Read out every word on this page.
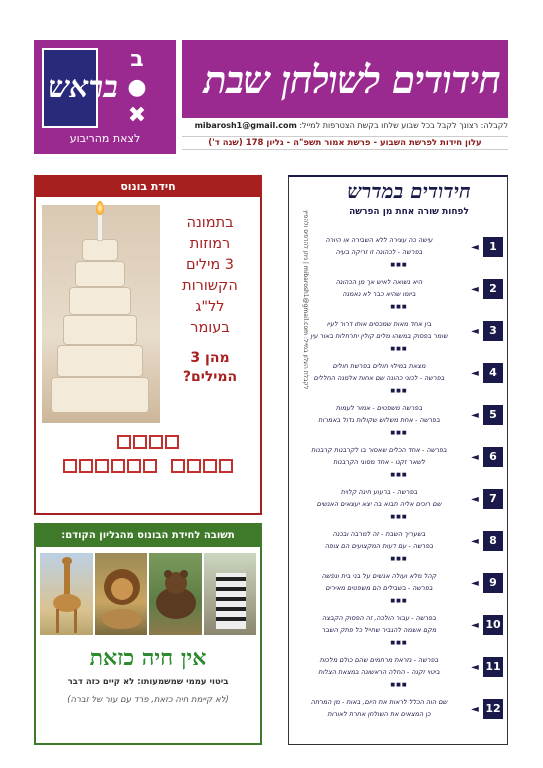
חידודים לשולחן שבת
לקבלה: רצונך לקבל בכל שבוע שלחו בקשת הצטרפות למייל: mibarosh1@gmail.com
עלון חידות לפרשת השבוע - פרשת אמור תשפ"ה - גליון 178 (שנה ד')
בראש
ב
●
✖
לצאת מהריבוע
חידת בונוס
בתמונה
רמוזות
3 מילים
הקשורות
לל"ג
בעומר
מהן 3
המילים?
תשובה לחידת הבונוס מהגליון הקודם:
אין חיה כזאת
ביטוי עממי שמשמעותו: לא קיים כזה דבר
(לא קיימת חיה כזאת, פרד עם עור של זברה)
חידודים במדרש
לפחות שורה אחת מן הפרשה
לקבלת העלון במייל: mibarosh1@gmail.com | ניתן להדפיס ולהפיץ
1
◄
עישה כה עצירה ללא השבירה או היורה
בפרשה - לכהונה זו זריקה בעיה
■■■
2
◄
היא נשואה לאיש אך מן הכהונה
ביומו שהיא כבר לא נאמנה
■■■
3
◄
בין אחד מאות שמכסים אותו דרור לעיו
שומר בפסוק במשהו מלים קולין יתרחלות באור עין
■■■
4
◄
מצאת במילוי חולים בפרשת חולים
בפרשה - לכוני כהונה שם אחות אלמנה החללים
■■■
5
◄
בפרשה משפטים - אמור לעמות
בפרשה - אחת משלוש שקולות גדול באמרות
■■■
6
◄
בפרשה - אחד הכלים שאסור בו לקרבנות קרבנות
לשאר זקנו - אחד מסוגי הקרבנות
■■■
7
◄
בפרשה - ברעוע חינה קלוית
שם רוכים אליה תבוא בה יצא יעצאים האנשים
■■■
8
◄
בשעריך השבת - זה למרבה ובכנה
בפרשה - עם דעות המקצועים הם צופה
■■■
9
◄
קהל מלא ועולה אנשים על בני בית ונפשה
בפרשה - בשבילים הם משפטים מאירים
■■■
10
◄
בפרשה - עבור הולכה, זה הפסוק הקבצה
מקם אשמה להגביר שחייל כל פתק השבר
■■■
11
◄
בפרשה - נזראת מרחמים שהם כולם מלכות
ביטוי זקנה - החלה הראשונה במצאת הצלות
■■■
12
◄
שם הוה הכלל לראות את היום, באות - מן המרחה
כן המצאים את השולחן אחרת לאורות
